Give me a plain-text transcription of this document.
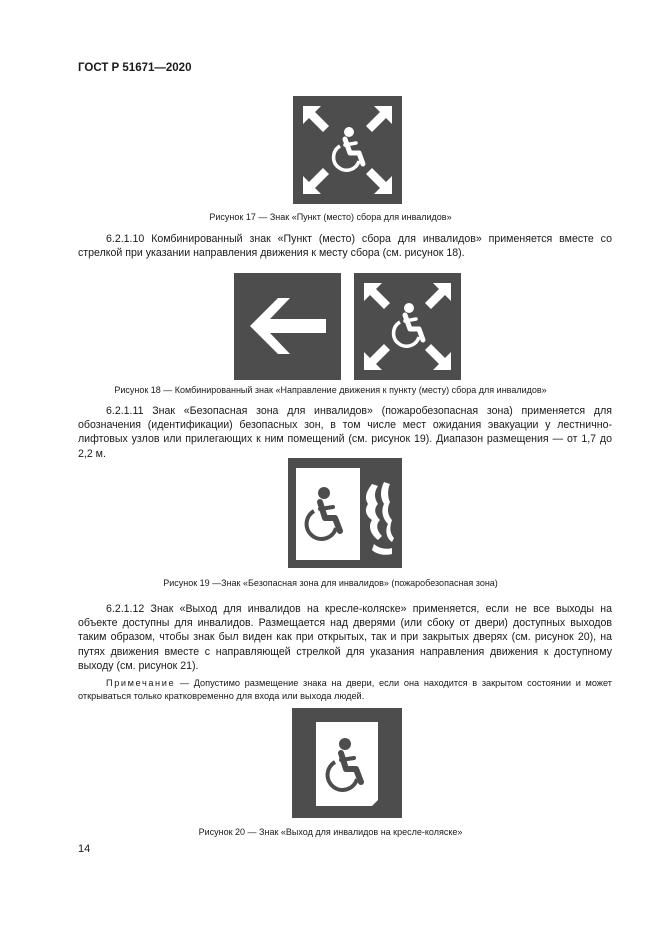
ГОСТ Р 51671—2020
Рисунок 17 — Знак «Пункт (место) сбора для инвалидов»
6.2.1.10 Комбинированный знак «Пункт (место) сбора для инвалидов» применяется вместе со стрелкой при указании направления движения к месту сбора (см. рисунок 18).
Рисунок 18 — Комбинированный знак «Направление движения к пункту (месту) сбора для инвалидов»
6.2.1.11 Знак «Безопасная зона для инвалидов» (пожаробезопасная зона) применяется для обозначения (идентификации) безопасных зон, в том числе мест ожидания эвакуации у лестнично-лифтовых узлов или прилегающих к ним помещений (см. рисунок 19). Диапазон размещения — от 1,7 до 2,2 м.
Рисунок 19 —Знак «Безопасная зона для инвалидов» (пожаробезопасная зона)
6.2.1.12 Знак «Выход для инвалидов на кресле-коляске» применяется, если не все выходы на объекте доступны для инвалидов. Размещается над дверями (или сбоку от двери) доступных выходов таким образом, чтобы знак был виден как при открытых, так и при закрытых дверях (см. рисунок 20), на путях движения вместе с направляющей стрелкой для указания направления движения к доступному выходу (см. рисунок 21).
Примечание — Допустимо размещение знака на двери, если она находится в закрытом состоянии и может открываться только кратковременно для входа или выхода людей.
Рисунок 20 — Знак «Выход для инвалидов на кресле-коляске»
14
